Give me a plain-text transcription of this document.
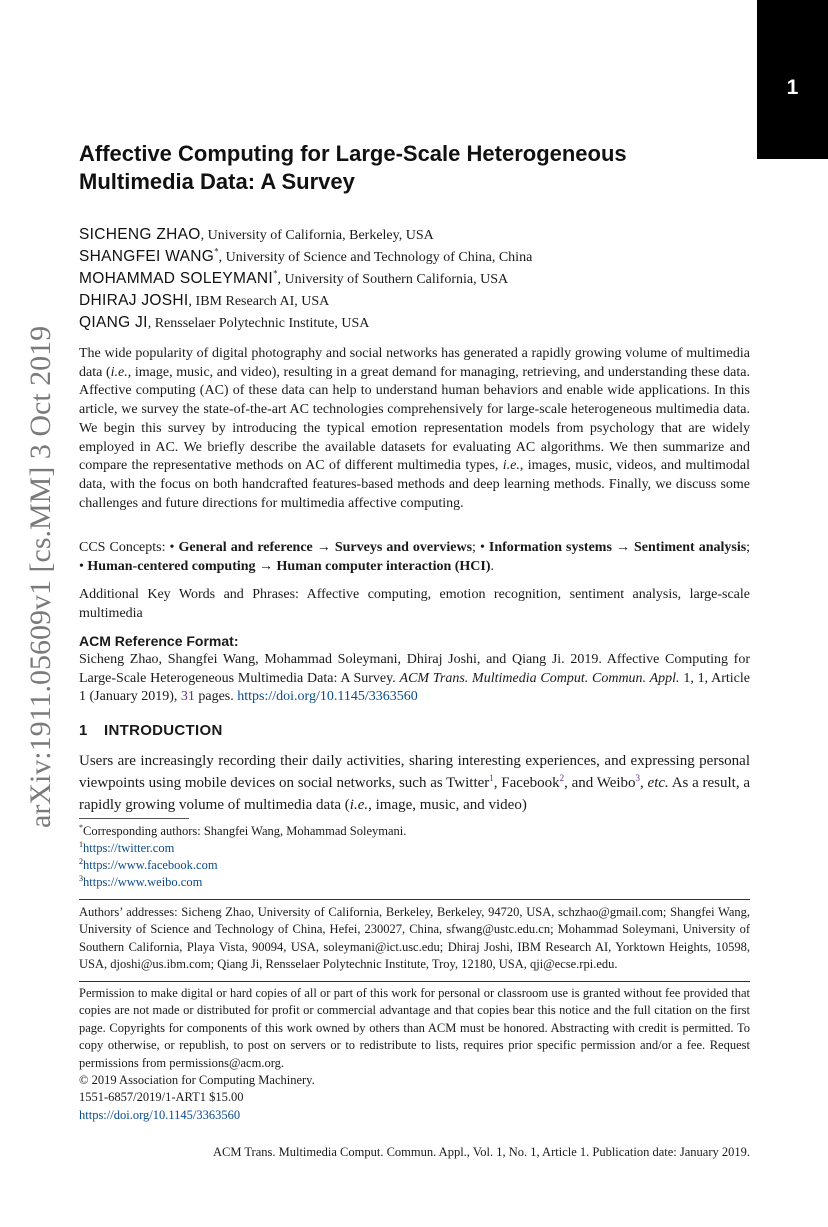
1
arXiv:1911.05609v1 [cs.MM] 3 Oct 2019
Affective Computing for Large-Scale Heterogeneous
Multimedia Data: A Survey
SICHENG ZHAO, University of California, Berkeley, USA
SHANGFEI WANG*, University of Science and Technology of China, China
MOHAMMAD SOLEYMANI*, University of Southern California, USA
DHIRAJ JOSHI, IBM Research AI, USA
QIANG JI, Rensselaer Polytechnic Institute, USA
The wide popularity of digital photography and social networks has generated a rapidly growing volume of multimedia data (i.e., image, music, and video), resulting in a great demand for managing, retrieving, and understanding these data. Affective computing (AC) of these data can help to understand human behaviors and enable wide applications. In this article, we survey the state-of-the-art AC technologies comprehensively for large-scale heterogeneous multimedia data. We begin this survey by introducing the typical emotion representation models from psychology that are widely employed in AC. We briefly describe the available datasets for evaluating AC algorithms. We then summarize and compare the representative methods on AC of different multimedia types, i.e., images, music, videos, and multimodal data, with the focus on both handcrafted features-based methods and deep learning methods. Finally, we discuss some challenges and future directions for multimedia affective computing.
CCS Concepts: • General and reference → Surveys and overviews; • Information systems → Sentiment analysis; • Human-centered computing → Human computer interaction (HCI).
Additional Key Words and Phrases: Affective computing, emotion recognition, sentiment analysis, large-scale multimedia
ACM Reference Format:
Sicheng Zhao, Shangfei Wang, Mohammad Soleymani, Dhiraj Joshi, and Qiang Ji. 2019. Affective Computing for Large-Scale Heterogeneous Multimedia Data: A Survey. ACM Trans. Multimedia Comput. Commun. Appl. 1, 1, Article 1 (January 2019), 31 pages. https://doi.org/10.1145/3363560
1 INTRODUCTION
Users are increasingly recording their daily activities, sharing interesting experiences, and expressing personal viewpoints using mobile devices on social networks, such as Twitter$^1$, Facebook$^2$, and Weibo$^3$, etc. As a result, a rapidly growing volume of multimedia data (i.e., image, music, and video)
*Corresponding authors: Shangfei Wang, Mohammad Soleymani.
$^1$https://twitter.com
$^2$https://www.facebook.com
$^3$https://www.weibo.com
Authors’ addresses: Sicheng Zhao, University of California, Berkeley, Berkeley, 94720, USA, schzhao@gmail.com; Shangfei Wang, University of Science and Technology of China, Hefei, 230027, China, sfwang@ustc.edu.cn; Mohammad Soleymani, University of Southern California, Playa Vista, 90094, USA, soleymani@ict.usc.edu; Dhiraj Joshi, IBM Research AI, Yorktown Heights, 10598, USA, djoshi@us.ibm.com; Qiang Ji, Rensselaer Polytechnic Institute, Troy, 12180, USA, qji@ecse.rpi.edu.
Permission to make digital or hard copies of all or part of this work for personal or classroom use is granted without fee provided that copies are not made or distributed for profit or commercial advantage and that copies bear this notice and the full citation on the first page. Copyrights for components of this work owned by others than ACM must be honored. Abstracting with credit is permitted. To copy otherwise, or republish, to post on servers or to redistribute to lists, requires prior specific permission and/or a fee. Request permissions from permissions@acm.org.
© 2019 Association for Computing Machinery.
1551-6857/2019/1-ART1 $15.00
https://doi.org/10.1145/3363560
ACM Trans. Multimedia Comput. Commun. Appl., Vol. 1, No. 1, Article 1. Publication date: January 2019.
